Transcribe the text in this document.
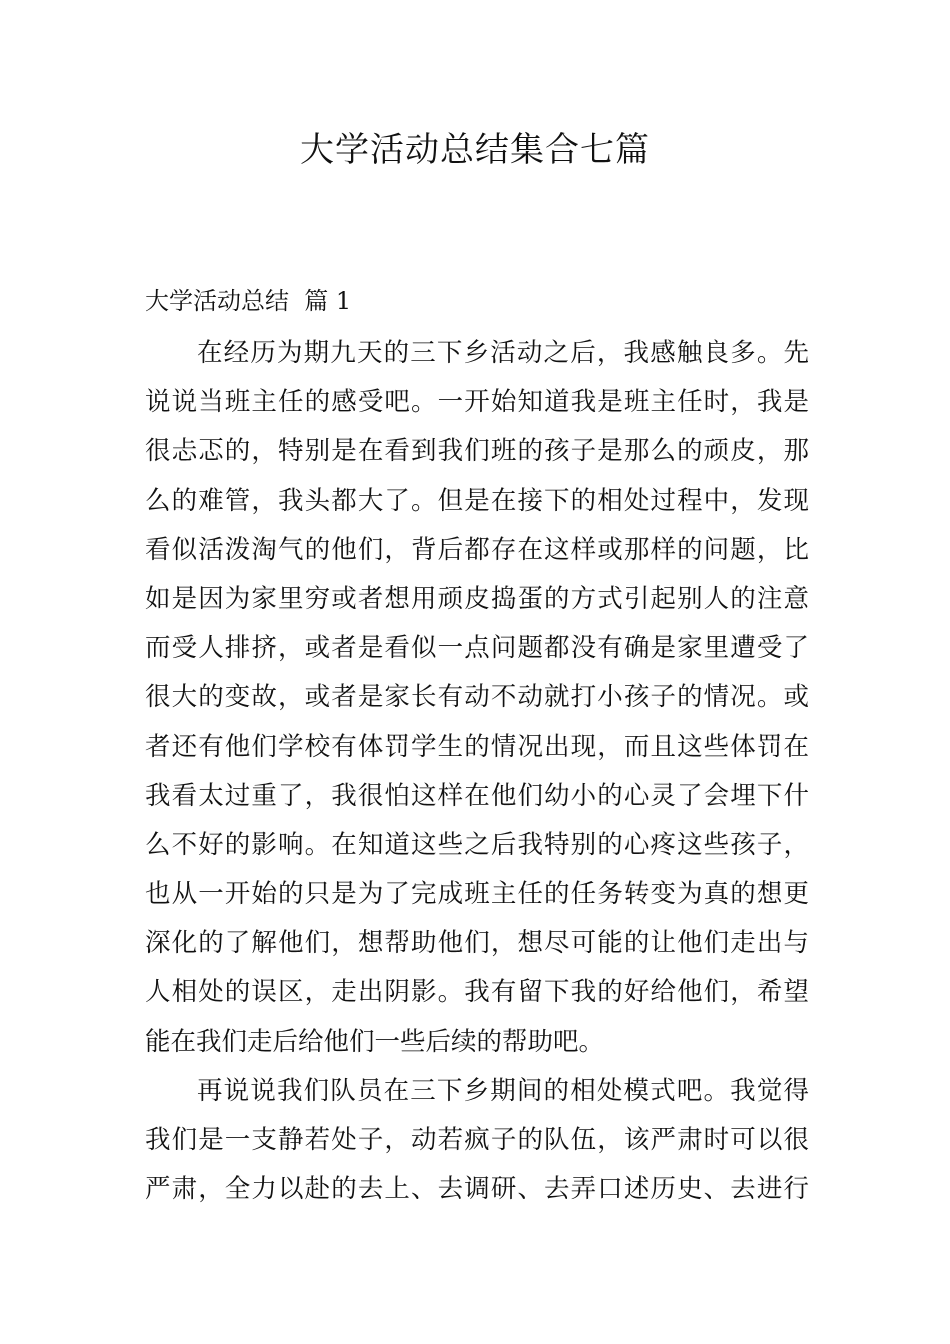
大学活动总结集合七篇
大学活动总结  篇 1
在经历为期九天的三下乡活动之后，我感触良多。先
说说当班主任的感受吧。一开始知道我是班主任时，我是
很忐忑的，特别是在看到我们班的孩子是那么的顽皮，那
么的难管，我头都大了。但是在接下的相处过程中，发现
看似活泼淘气的他们，背后都存在这样或那样的问题，比
如是因为家里穷或者想用顽皮捣蛋的方式引起别人的注意
而受人排挤，或者是看似一点问题都没有确是家里遭受了
很大的变故，或者是家长有动不动就打小孩子的情况。或
者还有他们学校有体罚学生的情况出现，而且这些体罚在
我看太过重了，我很怕这样在他们幼小的心灵了会埋下什
么不好的影响。在知道这些之后我特别的心疼这些孩子，
也从一开始的只是为了完成班主任的任务转变为真的想更
深化的了解他们，想帮助他们，想尽可能的让他们走出与
人相处的误区，走出阴影。我有留下我的好给他们，希望
能在我们走后给他们一些后续的帮助吧。
再说说我们队员在三下乡期间的相处模式吧。我觉得
我们是一支静若处子，动若疯子的队伍，该严肃时可以很
严肃，全力以赴的去上、去调研、去弄口述历史、去进行
